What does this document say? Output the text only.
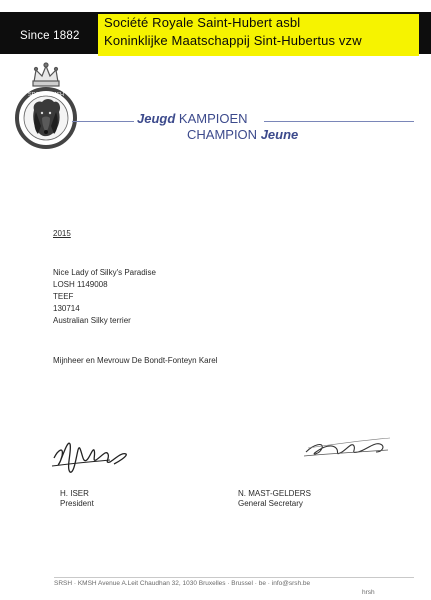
Since 1882
Société Royale Saint-Hubert asbl
Koninklijke Maatschappij Sint-Hubertus vzw
SRSH · KMSH
Jeugd KAMPIOEN
CHAMPION Jeune
2015
Nice Lady of Silky's Paradise
LOSH 1149008
TEEF
130714
Australian Silky terrier
Mijnheer en Mevrouw De Bondt-Fonteyn Karel
H. ISER
President
N. MAST-GELDERS
General Secretary
SRSH · KMSH Avenue A.Leit Chaudhan 32, 1030 Bruxelles · Brussel · be · info@srsh.be
hrsh
